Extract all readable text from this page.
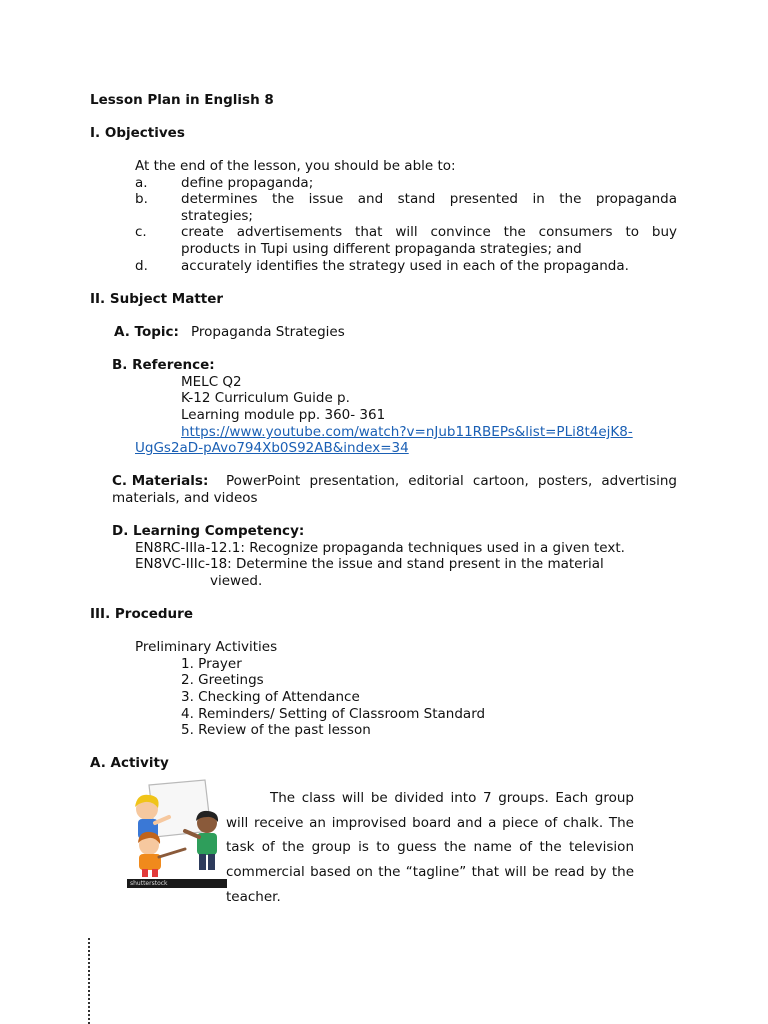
Lesson Plan in English 8
I. Objectives
At the end of the lesson, you should be able to:
a. define propaganda;
b. determines the issue and stand presented in the propaganda
strategies;
c.	create advertisements that will convince the consumers to buy
products in Tupi using different propaganda strategies; and
d. accurately identifies the strategy used in each of the propaganda.
II. Subject Matter
A. Topic: Propaganda Strategies
B. Reference:
MELC Q2
K-12 Curriculum Guide p.
Learning module pp. 360- 361
https://www.youtube.com/watch?v=nJub11RBEPs&list=PLi8t4ejK8-
UgGs2aD-pAvo794Xb0S92AB&index=34
C. Materials: PowerPoint presentation, editorial cartoon, posters, advertising
materials, and videos
D. Learning Competency:
EN8RC-IIIa-12.1: Recognize propaganda techniques used in a given text.
EN8VC-IIIc-18: Determine the issue and stand present in the material
viewed.
III. Procedure
Preliminary Activities
1. Prayer
2. Greetings
3. Checking of Attendance
4. Reminders/ Setting of Classroom Standard
5. Review of the past lesson
A. Activity
shutterstock
The class will be divided into 7 groups. Each group
will receive an improvised board and a piece of chalk. The
task of the group is to guess the name of the television
commercial based on the “tagline” that will be read by the
teacher.
